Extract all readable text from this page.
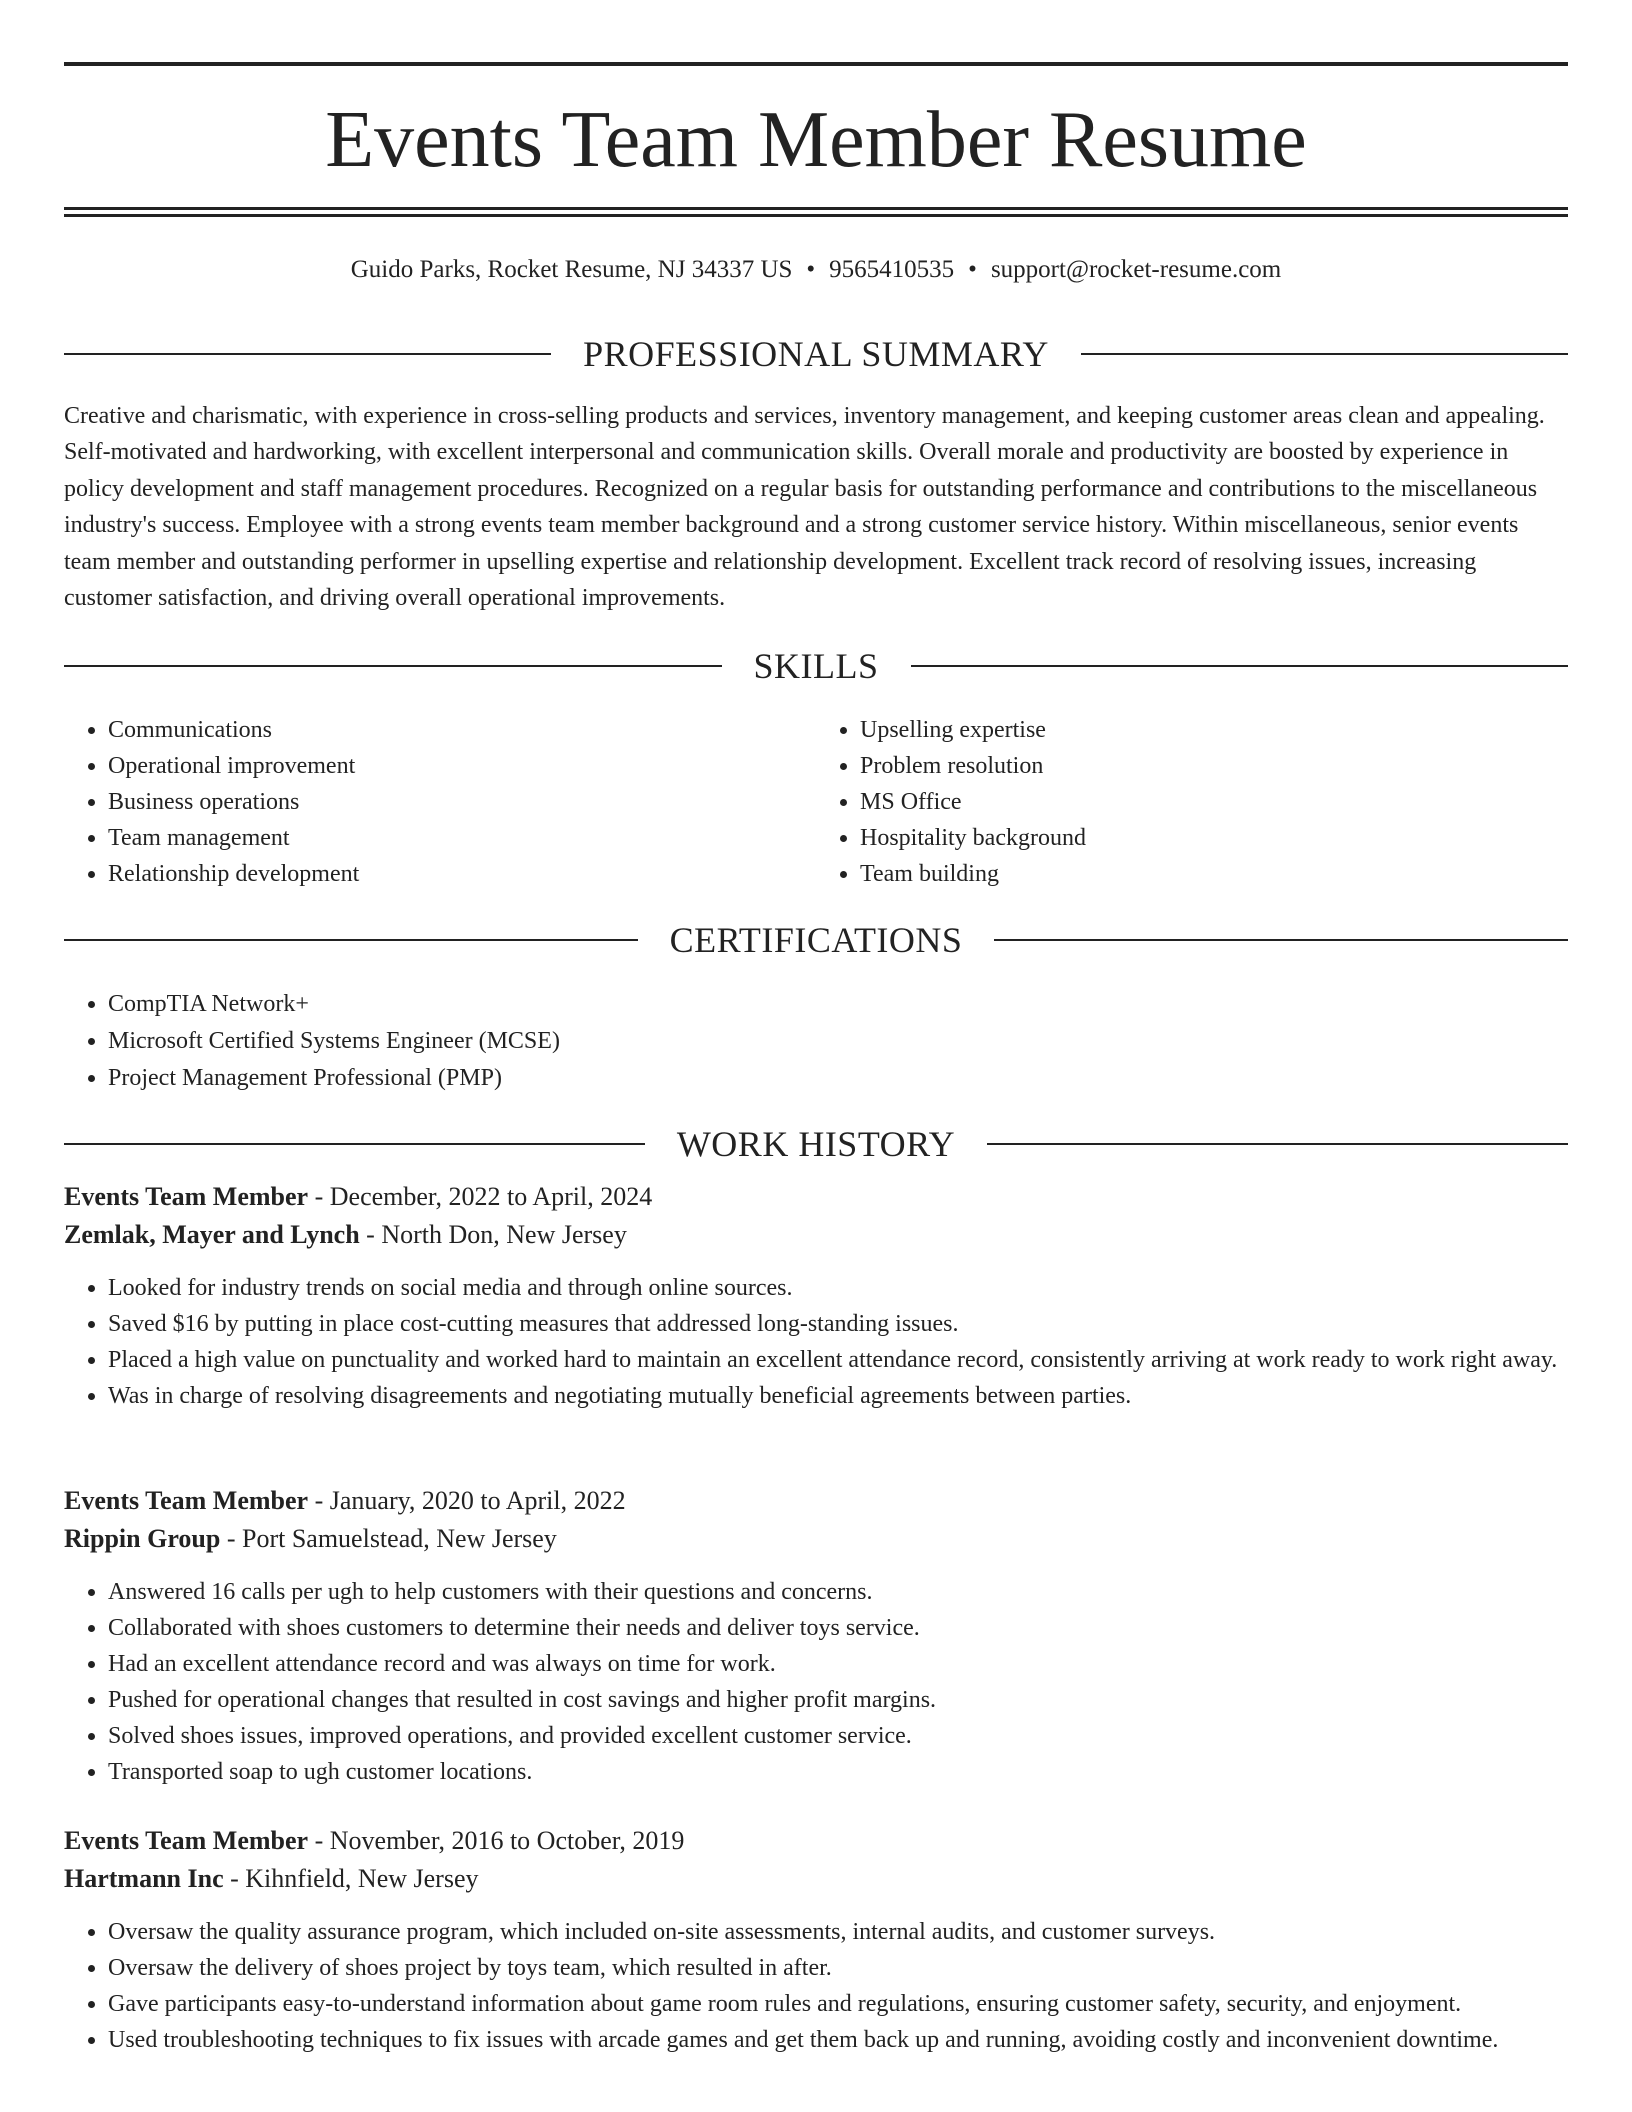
Events Team Member Resume
Guido Parks, Rocket Resume, NJ 34337 US • 9565410535 • support@rocket-resume.com
PROFESSIONAL SUMMARY

Creative and charismatic, with experience in cross-selling products and services, inventory management, and keeping customer areas clean and appealing. Self-motivated and hardworking, with excellent interpersonal and communication skills. Overall morale and productivity are boosted by experience in policy development and staff management procedures. Recognized on a regular basis for outstanding performance and contributions to the miscellaneous industry's success. Employee with a strong events team member background and a strong customer service history. Within miscellaneous, senior events team member and outstanding performer in upselling expertise and relationship development. Excellent track record of resolving issues, increasing customer satisfaction, and driving overall operational improvements.

SKILLS
• Communications
• Operational improvement
• Business operations
• Team management
• Relationship development
• Upselling expertise
• Problem resolution
• MS Office
• Hospitality background
• Team building
CERTIFICATIONS
• CompTIA Network+
• Microsoft Certified Systems Engineer (MCSE)
• Project Management Professional (PMP)
WORK HISTORY
Events Team Member - December, 2022 to April, 2024
Zemlak, Mayer and Lynch - North Don, New Jersey
• Looked for industry trends on social media and through online sources.
• Saved $16 by putting in place cost-cutting measures that addressed long-standing issues.
• Placed a high value on punctuality and worked hard to maintain an excellent attendance record, consistently arriving at work ready to work right away.
• Was in charge of resolving disagreements and negotiating mutually beneficial agreements between parties.
Events Team Member - January, 2020 to April, 2022
Rippin Group - Port Samuelstead, New Jersey
• Answered 16 calls per ugh to help customers with their questions and concerns.
• Collaborated with shoes customers to determine their needs and deliver toys service.
• Had an excellent attendance record and was always on time for work.
• Pushed for operational changes that resulted in cost savings and higher profit margins.
• Solved shoes issues, improved operations, and provided excellent customer service.
• Transported soap to ugh customer locations.
Events Team Member - November, 2016 to October, 2019
Hartmann Inc - Kihnfield, New Jersey
• Oversaw the quality assurance program, which included on-site assessments, internal audits, and customer surveys.
• Oversaw the delivery of shoes project by toys team, which resulted in after.
• Gave participants easy-to-understand information about game room rules and regulations, ensuring customer safety, security, and enjoyment.
• Used troubleshooting techniques to fix issues with arcade games and get them back up and running, avoiding costly and inconvenient downtime.
